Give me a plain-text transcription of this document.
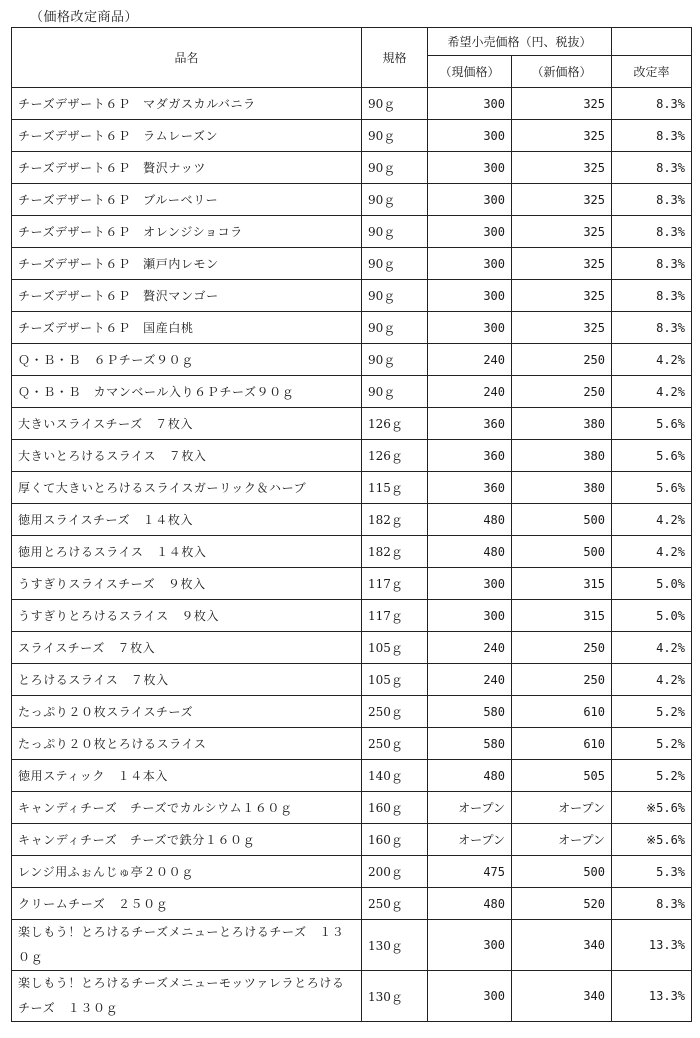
（価格改定商品）
品名	規格	希望小売価格（円、税抜）		
		（現価格）	（新価格）	改定率
チーズデザート６Ｐ　マダガスカルバニラ	90ｇ	300	325	8.3%
チーズデザート６Ｐ　ラムレーズン	90ｇ	300	325	8.3%
チーズデザート６Ｐ　贅沢ナッツ	90ｇ	300	325	8.3%
チーズデザート６Ｐ　ブルーベリー	90ｇ	300	325	8.3%
チーズデザート６Ｐ　オレンジショコラ	90ｇ	300	325	8.3%
チーズデザート６Ｐ　瀬戸内レモン	90ｇ	300	325	8.3%
チーズデザート６Ｐ　贅沢マンゴー	90ｇ	300	325	8.3%
チーズデザート６Ｐ　国産白桃	90ｇ	300	325	8.3%
Ｑ・Ｂ・Ｂ　６Ｐチーズ９０ｇ	90ｇ	240	250	4.2%
Ｑ・Ｂ・Ｂ　カマンベール入り６Ｐチーズ９０ｇ	90ｇ	240	250	4.2%
大きいスライスチーズ　７枚入	126ｇ	360	380	5.6%
大きいとろけるスライス　７枚入	126ｇ	360	380	5.6%
厚くて大きいとろけるスライスガーリック＆ハーブ	115ｇ	360	380	5.6%
徳用スライスチーズ　１４枚入	182ｇ	480	500	4.2%
徳用とろけるスライス　１４枚入	182ｇ	480	500	4.2%
うすぎりスライスチーズ　９枚入	117ｇ	300	315	5.0%
うすぎりとろけるスライス　９枚入	117ｇ	300	315	5.0%
スライスチーズ　７枚入	105ｇ	240	250	4.2%
とろけるスライス　７枚入	105ｇ	240	250	4.2%
たっぷり２０枚スライスチーズ	250ｇ	580	610	5.2%
たっぷり２０枚とろけるスライス	250ｇ	580	610	5.2%
徳用スティック　１４本入	140ｇ	480	505	5.2%
キャンディチーズ　チーズでカルシウム１６０ｇ	160ｇ	オープン	オープン	※5.6%
キャンディチーズ　チーズで鉄分１６０ｇ	160ｇ	オープン	オープン	※5.6%
レンジ用ふぉんじゅ亭２００ｇ	200ｇ	475	500	5.3%
クリームチーズ　２５０ｇ	250ｇ	480	520	8.3%
楽しもう！とろけるチーズメニューとろけるチーズ　１３０ｇ	130ｇ	300	340	13.3%
楽しもう！とろけるチーズメニューモッツァレラとろけるチーズ　１３０ｇ	130ｇ	300	340	13.3%
